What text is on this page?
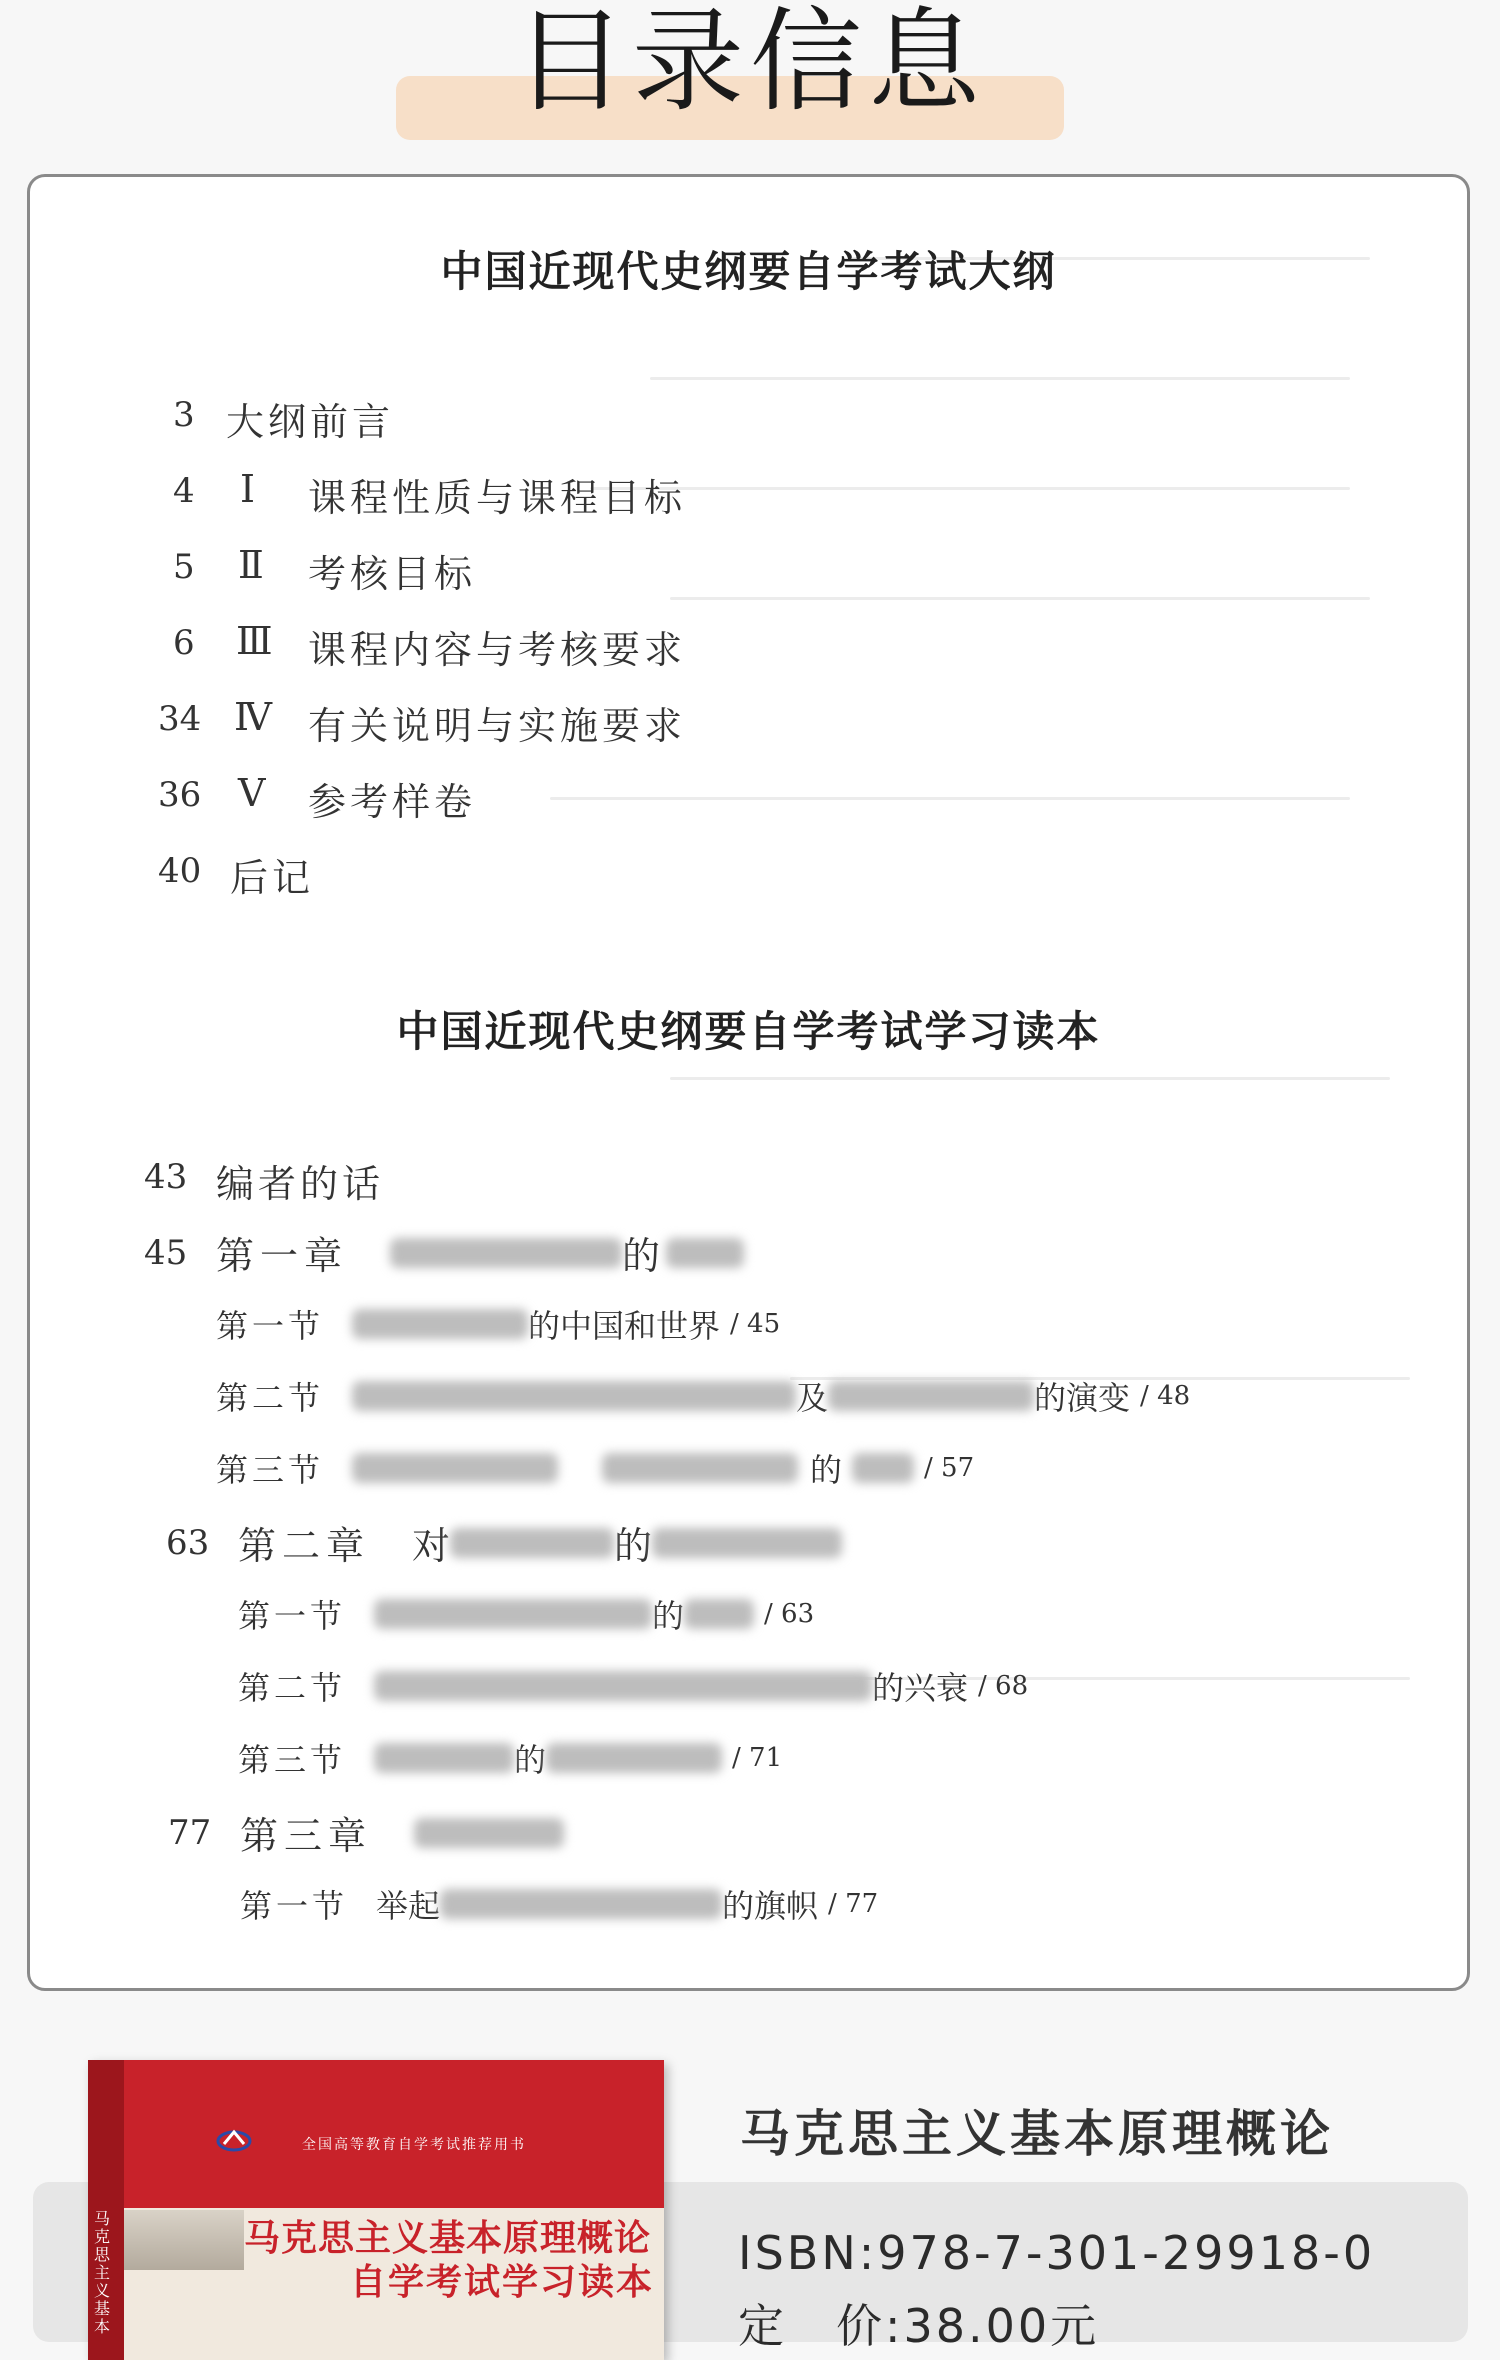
目录信息
中国近现代史纲要自学考试大纲
3 大纲前言
4 Ⅰ 课程性质与课程目标
5 Ⅱ 考核目标
6 Ⅲ 课程内容与考核要求
34 Ⅳ 有关说明与实施要求
36 Ⅴ 参考样卷
40 后记
中国近现代史纲要自学考试学习读本
43 编者的话
45 第一章	的
第一节	的中国和世界 / 45
第二节	及	的演变 / 48
第三节	的	/ 57
63 第二章 对	的
第一节	的	/ 63
第二节	的兴衰 / 68
第三节	的	/ 71
77 第三章
第一节 举起	的旗帜 / 77
马克思主义基本
全国高等教育自学考试推荐用书
马克思主义基本原理概论
自学考试学习读本
马克思主义基本原理概论
ISBN:978-7-301-29918-0
定　价:38.00元
